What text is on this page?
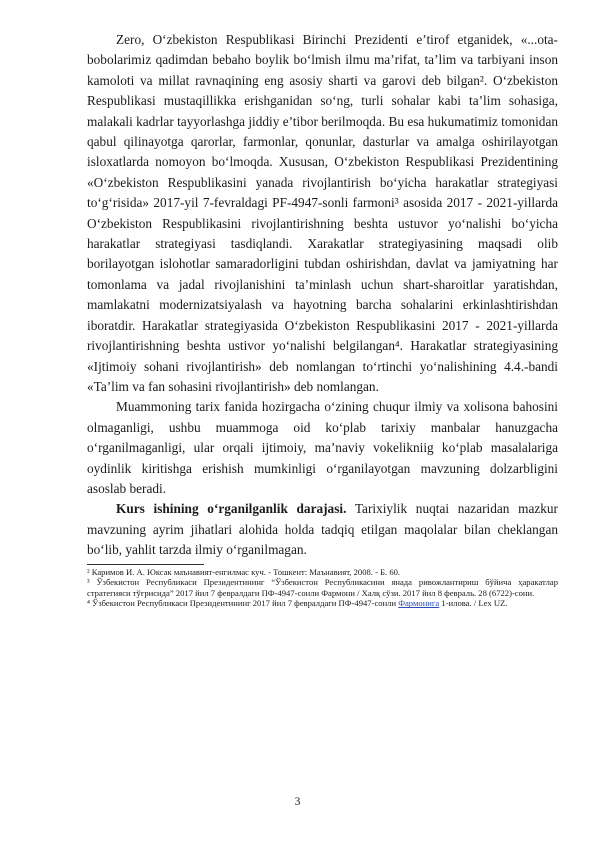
Zero, O‘zbekiston Respublikasi Birinchi Prezidenti e’tirof etganidek, «...ota-bobolarimiz qadimdan bebaho boylik bo‘lmish ilmu ma’rifat, ta’lim va tarbiyani inson kamoloti va millat ravnaqining eng asosiy sharti va garovi deb bilgan². O‘zbekiston Respublikasi mustaqillikka erishganidan so‘ng, turli sohalar kabi ta’lim sohasiga, malakali kadrlar tayyorlashga jiddiy e’tibor berilmoqda. Bu esa hukumatimiz tomonidan qabul qilinayotga qarorlar, farmonlar, qonunlar, dasturlar va amalga oshirilayotgan isloxatlarda nomoyon bo‘lmoqda. Xususan, O‘zbekiston Respublikasi Prezidentining «O‘zbekiston Respublikasini yanada rivojlantirish bo‘yicha harakatlar strategiyasi to‘g‘risida» 2017-yil 7-fevraldagi PF-4947-sonli farmoni³ asosida 2017 - 2021-yillarda O‘zbekiston Respublikasini rivojlantirishning beshta ustuvor yo‘nalishi bo‘yicha harakatlar strategiyasi tasdiqlandi. Xarakatlar strategiyasining maqsadi olib borilayotgan islohotlar samaradorligini tubdan oshirishdan, davlat va jamiyatning har tomonlama va jadal rivojlanishini ta’minlash uchun shart-sharoitlar yaratishdan, mamlakatni modernizatsiyalash va hayotning barcha sohalarini erkinlashtirishdan iboratdir. Harakatlar strategiyasida O‘zbekiston Respublikasini 2017 - 2021-yillarda rivojlantirishning beshta ustivor yo‘nalishi belgilangan⁴. Harakatlar strategiyasining «Ijtimoiy sohani rivojlantirish» deb nomlangan to‘rtinchi yo‘nalishining 4.4.-bandi «Ta’lim va fan sohasini rivojlantirish» deb nomlangan.

Muammoning tarix fanida hozirgacha o‘zining chuqur ilmiy va xolisona bahosini olmaganligi, ushbu muammoga oid ko‘plab tarixiy manbalar hanuzgacha o‘rganilmaganligi, ular orqali ijtimoiy, ma’naviy vokelikniig ko‘plab masalalariga oydinlik kiritishga erishish mumkinligi o‘rganilayotgan mavzuning dolzarbligini asoslab beradi.

Kurs ishining o‘rganilganlik darajasi. Tarixiylik nuqtai nazaridan mazkur mavzuning ayrim jihatlari alohida holda tadqiq etilgan maqolalar bilan cheklangan bo‘lib, yahlit tarzda ilmiy o‘rganilmagan.

² Каримов И. А. Юксак маънавият-енгилмас куч. - Тошкент: Маънавият, 2008. - Б. 60.

³ Ўзбекистон Республикаси Президентининг “Ўзбекистон Республикасини янада ривожлантириш бўйича ҳаракатлар стратегияси тўғрисида” 2017 йил 7 февралдаги ПФ-4947-сонли Фармони / Халқ сўзи. 2017 йил 8 февраль. 28 (6722)-сони.

⁴ Ўзбекистон Республикаси Президентининг 2017 йил 7 февралдаги ПФ-4947-сонли Фармонига 1-илова. / Lex UZ.

3
